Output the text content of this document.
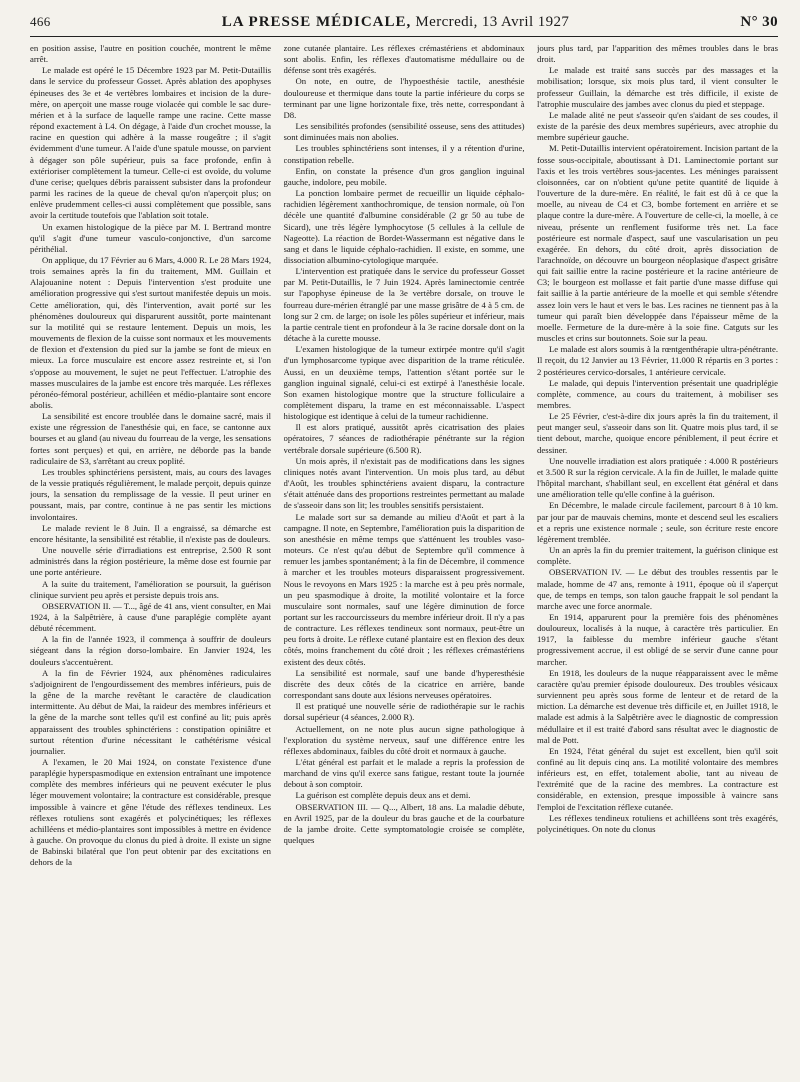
466	LA PRESSE MÉDICALE, Mercredi, 13 Avril 1927	N° 30

en position assise, l'autre en position couchée, montrent le même arrêt.

Le malade est opéré le 15 Décembre 1923 par M. Petit-Dutaillis dans le service du professeur Gosset. Après ablation des apophyses épineuses des 3e et 4e vertèbres lombaires et incision de la dure-mère, on aperçoit une masse rouge violacée qui comble le sac dure-mérien et à la surface de laquelle rampe une racine. Cette masse répond exactement à L4. On dégage, à l'aide d'un crochet mousse, la racine en question qui adhère à la masse rougeâtre ; il s'agit évidemment d'une tumeur. A l'aide d'une spatule mousse, on parvient à dégager son pôle supérieur, puis sa face profonde, enfin à extérioriser complètement la tumeur. Celle-ci est ovoïde, du volume d'une cerise; quelques débris paraissent subsister dans la profondeur parmi les racines de la queue de cheval qu'on n'aperçoit plus; on enlève prudemment celles-ci aussi complètement que possible, sans avoir la certitude toutefois que l'ablation soit totale.

Un examen histologique de la pièce par M. I. Bertrand montre qu'il s'agit d'une tumeur vasculo-conjonctive, d'un sarcome périthélial.

On applique, du 17 Février au 6 Mars, 4.000 R. Le 28 Mars 1924, trois semaines après la fin du traitement, MM. Guillain et Alajouanine notent : Depuis l'intervention s'est produite une amélioration progressive qui s'est surtout manifestée depuis un mois. Cette amélioration, qui, dès l'intervention, avait porté sur les phénomènes douloureux qui disparurent aussitôt, porte maintenant sur la motilité qui se restaure lentement. Depuis un mois, les mouvements de flexion de la cuisse sont normaux et les mouvements de flexion et d'extension du pied sur la jambe se font de mieux en mieux. La force musculaire est encore assez restreinte et, si l'on s'oppose au mouvement, le sujet ne peut l'effectuer. L'atrophie des masses musculaires de la jambe est encore très marquée. Les réflexes péronéo-fémoral postérieur, achilléen et médio-plantaire sont encore abolis.

La sensibilité est encore troublée dans le domaine sacré, mais il existe une régression de l'anesthésie qui, en face, se cantonne aux bourses et au gland (au niveau du fourreau de la verge, les sensations fortes sont perçues) et qui, en arrière, ne déborde pas la bande radiculaire de S3, s'arrêtant au creux poplité.

Les troubles sphinctériens persistent, mais, au cours des lavages de la vessie pratiqués régulièrement, le malade perçoit, depuis quinze jours, la sensation du remplissage de la vessie. Il peut uriner en poussant, mais, par contre, continue à ne pas sentir les mictions involontaires.

Le malade revient le 8 Juin. Il a engraissé, sa démarche est encore hésitante, la sensibilité est rétablie, il n'existe pas de douleurs.

Une nouvelle série d'irradiations est entreprise, 2.500 R sont administrés dans la région postérieure, la même dose est fournie par une porte antérieure.

A la suite du traitement, l'amélioration se poursuit, la guérison clinique survient peu après et persiste depuis trois ans.

OBSERVATION II. — T..., âgé de 41 ans, vient consulter, en Mai 1924, à la Salpêtrière, à cause d'une paraplégie complète ayant débuté récemment.

A la fin de l'année 1923, il commença à souffrir de douleurs siégeant dans la région dorso-lombaire. En Janvier 1924, les douleurs s'accentuèrent.

A la fin de Février 1924, aux phénomènes radiculaires s'adjoignirent de l'engourdissement des membres inférieurs, puis de la gêne de la marche revêtant le caractère de claudication intermittente. Au début de Mai, la raideur des membres inférieurs et la gêne de la marche sont telles qu'il est confiné au lit; puis après apparaissent des troubles sphinctériens : constipation opiniâtre et surtout rétention d'urine nécessitant le cathétérisme vésical journalier.

A l'examen, le 20 Mai 1924, on constate l'existence d'une paraplégie hyperspasmodique en extension entraînant une impotence complète des membres inférieurs qui ne peuvent exécuter le plus léger mouvement volontaire; la contracture est considérable, presque impossible à vaincre et gêne l'étude des réflexes tendineux. Les réflexes rotuliens sont exagérés et polycinétiques; les réflexes achilléens et médio-plantaires sont impossibles à mettre en évidence à gauche. On provoque du clonus du pied à droite. Il existe un signe de Babinski bilatéral que l'on peut obtenir par des excitations en dehors de la

zone cutanée plantaire. Les réflexes crémastériens et abdominaux sont abolis. Enfin, les réflexes d'automatisme médullaire ou de défense sont très exagérés.

On note, en outre, de l'hypoesthésie tactile, anesthésie douloureuse et thermique dans toute la partie inférieure du corps se terminant par une ligne horizontale fixe, très nette, correspondant à D8.

Les sensibilités profondes (sensibilité osseuse, sens des attitudes) sont diminuées mais non abolies.

Les troubles sphinctériens sont intenses, il y a rétention d'urine, constipation rebelle.

Enfin, on constate la présence d'un gros ganglion inguinal gauche, indolore, peu mobile.

La ponction lombaire permet de recueillir un liquide céphalo-rachidien légèrement xanthochromique, de tension normale, où l'on décèle une quantité d'albumine considérable (2 gr 50 au tube de Sicard), une très légère lymphocytose (5 cellules à la cellule de Nageotte). La réaction de Bordet-Wassermann est négative dans le sang et dans le liquide céphalo-rachidien. Il existe, en somme, une dissociation albumino-cytologique marquée.

L'intervention est pratiquée dans le service du professeur Gosset par M. Petit-Dutaillis, le 7 Juin 1924. Après laminectomie centrée sur l'apophyse épineuse de la 3e vertèbre dorsale, on trouve le fourreau dure-mérien étranglé par une masse grisâtre de 4 à 5 cm. de long sur 2 cm. de large; on isole les pôles supérieur et inférieur, mais la partie centrale tient en profondeur à la 3e racine dorsale dont on la détache à la curette mousse.

L'examen histologique de la tumeur extirpée montre qu'il s'agit d'un lymphosarcome typique avec disparition de la trame réticulée. Aussi, en un deuxième temps, l'attention s'étant portée sur le ganglion inguinal signalé, celui-ci est extirpé à l'anesthésie locale. Son examen histologique montre que la structure folliculaire a complètement disparu, la trame en est méconnaissable. L'aspect histologique est identique à celui de la tumeur rachidienne.

Il est alors pratiqué, aussitôt après cicatrisation des plaies opératoires, 7 séances de radiothérapie pénétrante sur la région vertébrale dorsale supérieure (6.500 R).

Un mois après, il n'existait pas de modifications dans les signes cliniques notés avant l'intervention. Un mois plus tard, au début d'Août, les troubles sphinctériens avaient disparu, la contracture s'était atténuée dans des proportions restreintes permettant au malade de s'asseoir dans son lit; les troubles sensitifs persistaient.

Le malade sort sur sa demande au milieu d'Août et part à la campagne. Il note, en Septembre, l'amélioration puis la disparition de son anesthésie en même temps que s'atténuent les troubles vaso-moteurs. Ce n'est qu'au début de Septembre qu'il commence à remuer les jambes spontanément; à la fin de Décembre, il commence à marcher et les troubles moteurs disparaissent progressivement. Nous le revoyons en Mars 1925 : la marche est à peu près normale, un peu spasmodique à droite, la motilité volontaire et la force musculaire sont normales, sauf une légère diminution de force portant sur les raccourcisseurs du membre inférieur droit. Il n'y a pas de contracture. Les réflexes tendineux sont normaux, peut-être un peu forts à droite. Le réflexe cutané plantaire est en flexion des deux côtés, moins franchement du côté droit ; les réflexes crémastériens existent des deux côtés.

La sensibilité est normale, sauf une bande d'hyperesthésie discrète des deux côtés de la cicatrice en arrière, bande correspondant sans doute aux lésions nerveuses opératoires.

Il est pratiqué une nouvelle série de radiothérapie sur le rachis dorsal supérieur (4 séances, 2.000 R).

Actuellement, on ne note plus aucun signe pathologique à l'exploration du système nerveux, sauf une différence entre les réflexes abdominaux, faibles du côté droit et normaux à gauche.

L'état général est parfait et le malade a repris la profession de marchand de vins qu'il exerce sans fatigue, restant toute la journée debout à son comptoir.

La guérison est complète depuis deux ans et demi.

OBSERVATION III. — Q..., Albert, 18 ans. La maladie débute, en Avril 1925, par de la douleur du bras gauche et de la courbature de la jambe droite. Cette symptomatologie croisée se complète, quelques

jours plus tard, par l'apparition des mêmes troubles dans le bras droit.

Le malade est traité sans succès par des massages et la mobilisation; lorsque, six mois plus tard, il vient consulter le professeur Guillain, la démarche est très difficile, il existe de l'atrophie musculaire des jambes avec clonus du pied et steppage.

Le malade alité ne peut s'asseoir qu'en s'aidant de ses coudes, il existe de la parésie des deux membres supérieurs, avec atrophie du membre supérieur gauche.

M. Petit-Dutaillis intervient opératoirement. Incision partant de la fosse sous-occipitale, aboutissant à D1. Laminectomie portant sur l'axis et les trois vertèbres sous-jacentes. Les méninges paraissent cloisonnées, car on n'obtient qu'une petite quantité de liquide à l'ouverture de la dure-mère. En réalité, le fait est dû à ce que la moelle, au niveau de C4 et C3, bombe fortement en arrière et se plaque contre la dure-mère. A l'ouverture de celle-ci, la moelle, à ce niveau, présente un renflement fusiforme très net. La face postérieure est normale d'aspect, sauf une vascularisation un peu exagérée. En dehors, du côté droit, après dissociation de l'arachnoïde, on découvre un bourgeon néoplasique d'aspect grisâtre qui fait saillie entre la racine postérieure et la racine antérieure de C3; le bourgeon est mollasse et fait partie d'une masse diffuse qui fait saillie à la partie antérieure de la moelle et qui semble s'étendre assez loin vers le haut et vers le bas. Les racines ne tiennent pas à la tumeur qui paraît bien développée dans l'épaisseur même de la moelle. Fermeture de la dure-mère à la soie fine. Catguts sur les muscles et crins sur boutonnets. Soie sur la peau.

Le malade est alors soumis à la rœntgenthérapie ultra-pénétrante. Il reçoit, du 12 Janvier au 13 Février, 11.000 R répartis en 3 portes : 2 postérieures cervico-dorsales, 1 antérieure cervicale.

Le malade, qui depuis l'intervention présentait une quadriplégie complète, commence, au cours du traitement, à mobiliser ses membres.

Le 25 Février, c'est-à-dire dix jours après la fin du traitement, il peut manger seul, s'asseoir dans son lit. Quatre mois plus tard, il se tient debout, marche, quoique encore péniblement, il peut écrire et dessiner.

Une nouvelle irradiation est alors pratiquée : 4.000 R postérieurs et 3.500 R sur la région cervicale. A la fin de Juillet, le malade quitte l'hôpital marchant, s'habillant seul, en excellent état général et dans une amélioration telle qu'elle confine à la guérison.

En Décembre, le malade circule facilement, parcourt 8 à 10 km. par jour par de mauvais chemins, monte et descend seul les escaliers et a repris une existence normale ; seule, son écriture reste encore légèrement tremblée.

Un an après la fin du premier traitement, la guérison clinique est complète.

OBSERVATION IV. — Le début des troubles ressentis par le malade, homme de 47 ans, remonte à 1911, époque où il s'aperçut que, de temps en temps, son talon gauche frappait le sol pendant la marche avec une force anormale.

En 1914, apparurent pour la première fois des phénomènes douloureux, localisés à la nuque, à caractère très particulier. En 1917, la faiblesse du membre inférieur gauche s'étant progressivement accrue, il est obligé de se servir d'une canne pour marcher.

En 1918, les douleurs de la nuque réapparaissent avec le même caractère qu'au premier épisode douloureux. Des troubles vésicaux surviennent peu après sous forme de lenteur et de retard de la miction. La démarche est devenue très difficile et, en Juillet 1918, le malade est admis à la Salpêtrière avec le diagnostic de compression médullaire et il est traité d'abord sans résultat avec le diagnostic de mal de Pott.

En 1924, l'état général du sujet est excellent, bien qu'il soit confiné au lit depuis cinq ans. La motilité volontaire des membres inférieurs est, en effet, totalement abolie, tant au niveau de l'extrémité que de la racine des membres. La contracture est considérable, en extension, presque impossible à vaincre sans l'emploi de l'excitation réflexe cutanée.

Les réflexes tendineux rotuliens et achilléens sont très exagérés, polycinétiques. On note du clonus
